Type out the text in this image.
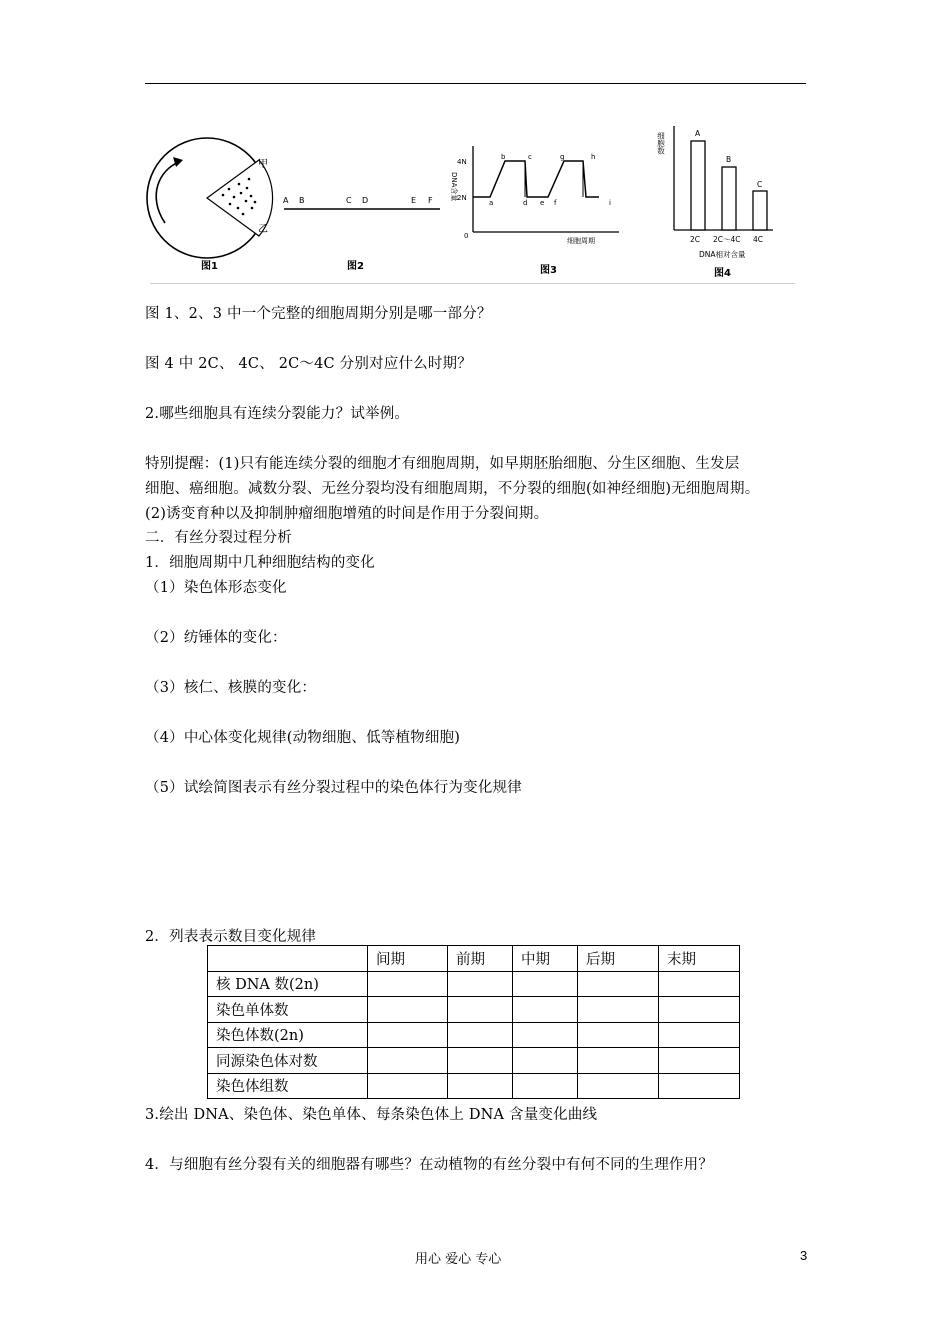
甲
乙
图1
A B	C D	E F
图2
DNA含量
4N
2N
0
a
b	c
d e f
g	h
i
细胞周期
图3
细胞数	A
B
C
2C 2C～4C 4C
DNA相对含量
图4
图 1、2、3 中一个完整的细胞周期分别是哪一部分？
图 4 中 2C、 4C、 2C～4C 分别对应什么时期？
2.哪些细胞具有连续分裂能力？试举例。
特别提醒：(1)只有能连续分裂的细胞才有细胞周期，如早期胚胎细胞、分生区细胞、生发层
细胞、癌细胞。减数分裂、无丝分裂均没有细胞周期，不分裂的细胞(如神经细胞)无细胞周期。
(2)诱变育种以及抑制肿瘤细胞增殖的时间是作用于分裂间期。
二．有丝分裂过程分析
1．细胞周期中几种细胞结构的变化
（1）染色体形态变化
（2）纺锤体的变化：
（3）核仁、核膜的变化：
（4）中心体变化规律(动物细胞、低等植物细胞)
（5）试绘简图表示有丝分裂过程中的染色体行为变化规律
2．列表表示数目变化规律
	间期	前期	中期	后期	末期
核 DNA 数(2n)					
染色单体数					
染色体数(2n)					
同源染色体对数					
染色体组数					
3.绘出 DNA、染色体、染色单体、每条染色体上 DNA 含量变化曲线
4．与细胞有丝分裂有关的细胞器有哪些？在动植物的有丝分裂中有何不同的生理作用？
用心 爱心 专心	3
